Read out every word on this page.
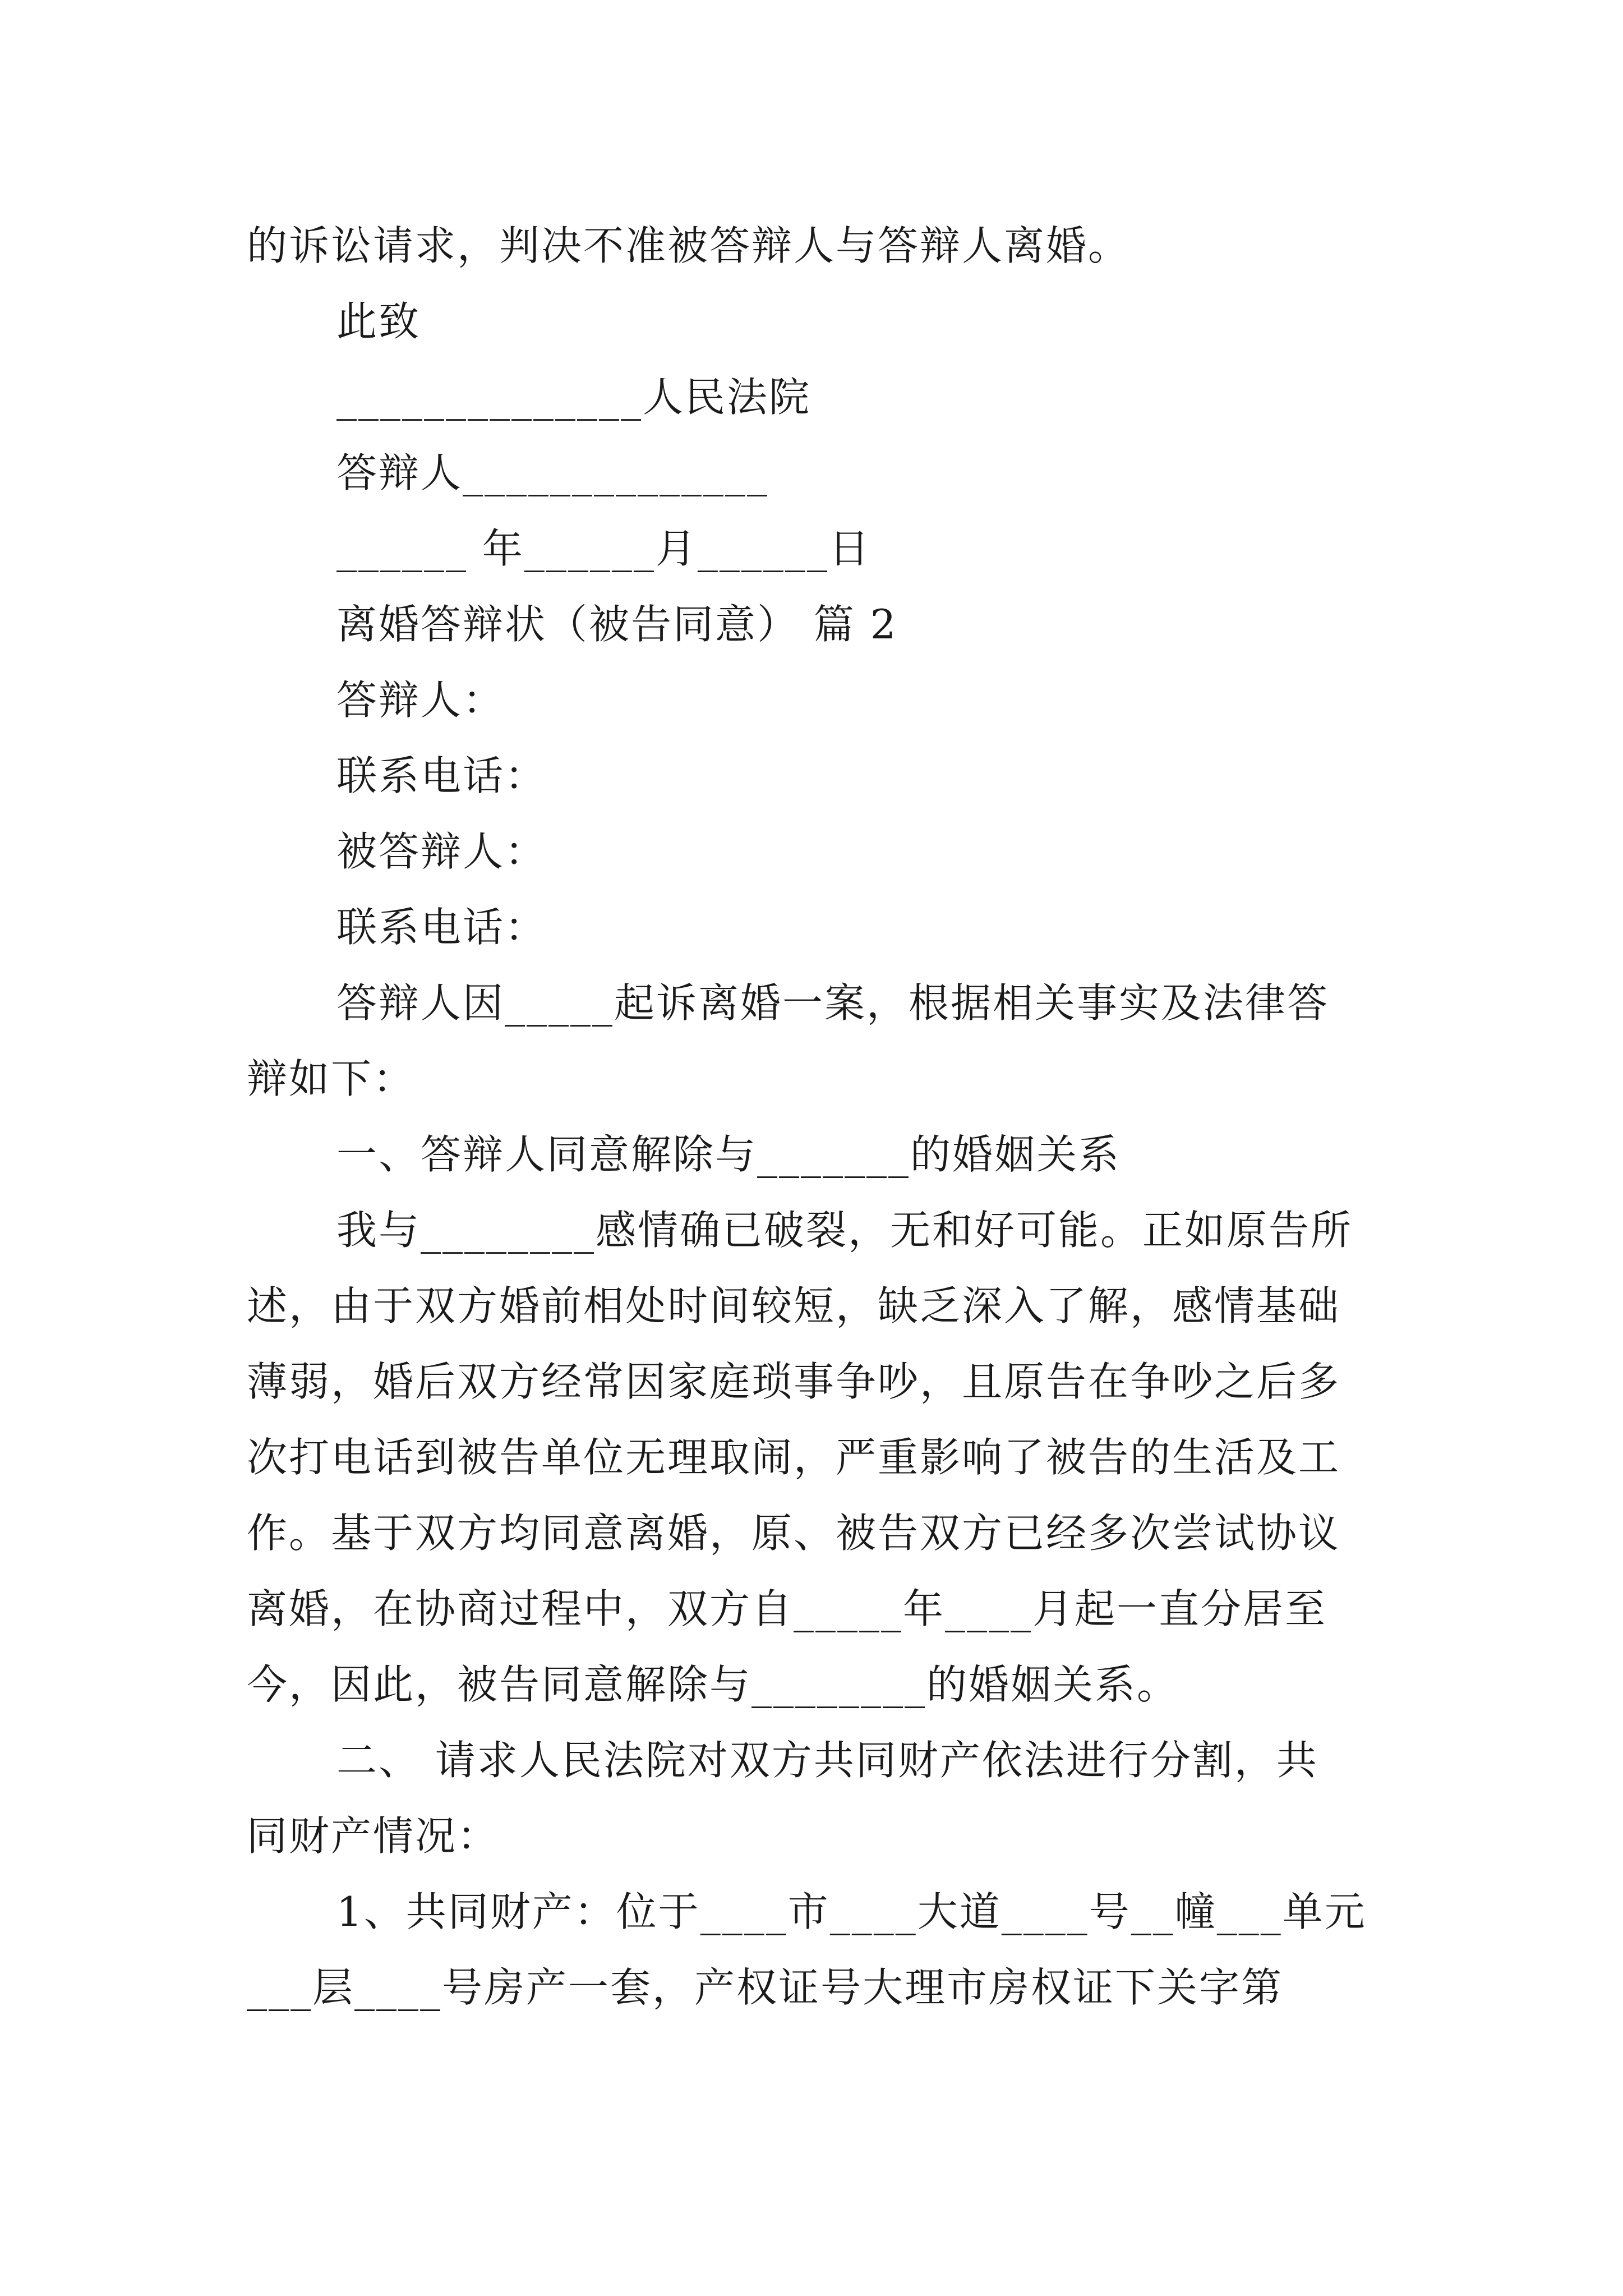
的诉讼请求，判决不准被答辩人与答辩人离婚。
此致
______________人民法院
答辩人______________
______ 年______月______日
离婚答辩状（被告同意） 篇 2
答辩人：
联系电话：
被答辩人：
联系电话：
答辩人因_____起诉离婚一案，根据相关事实及法律答
辩如下：
一、答辩人同意解除与_______的婚姻关系
我与________感情确已破裂，无和好可能。正如原告所
述，由于双方婚前相处时间较短，缺乏深入了解，感情基础
薄弱，婚后双方经常因家庭琐事争吵，且原告在争吵之后多
次打电话到被告单位无理取闹，严重影响了被告的生活及工
作。基于双方均同意离婚，原、被告双方已经多次尝试协议
离婚，在协商过程中，双方自_____年____月起一直分居至
今，因此，被告同意解除与________的婚姻关系。
二、 请求人民法院对双方共同财产依法进行分割，共
同财产情况：
1、共同财产：位于____市____大道____号__幢___单元
___层____号房产一套，产权证号大理市房权证下关字第
